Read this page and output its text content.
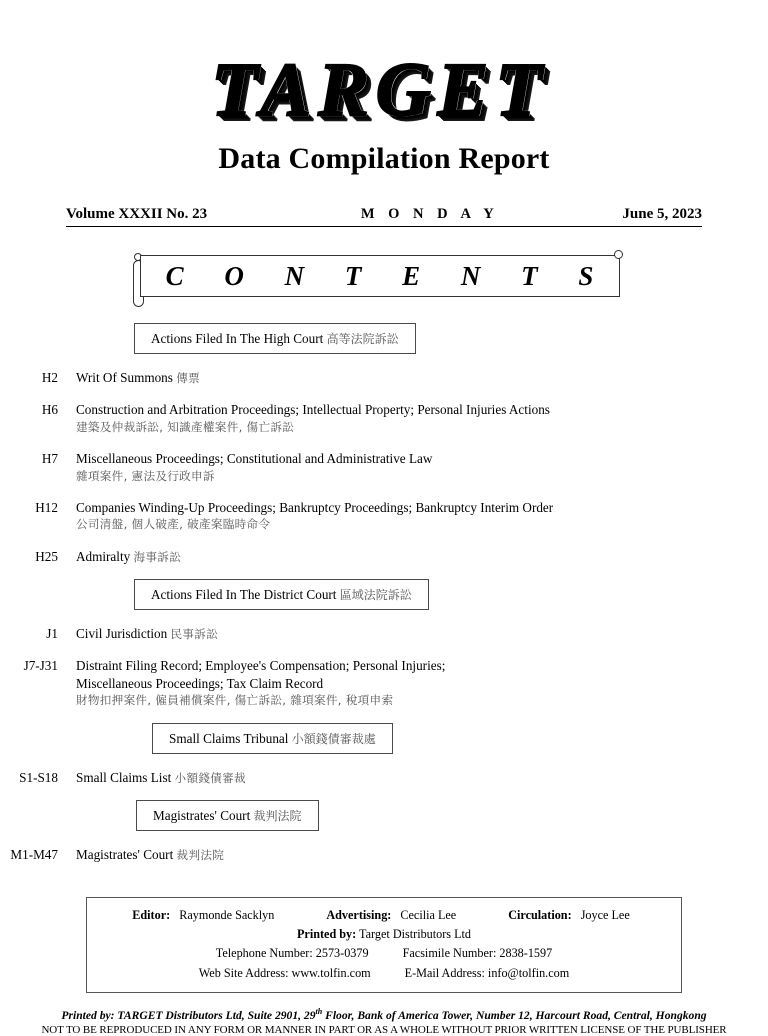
TARGET
Data Compilation Report
Volume XXXII No. 23	M O N D A Y	June 5, 2023
C O N T E N T S
Actions Filed In The High Court 高等法院訴訟
H2	Writ Of Summons 傳票
H6	Construction and Arbitration Proceedings; Intellectual Property; Personal Injuries Actions
建築及仲裁訴訟, 知識產權案件, 傷亡訴訟
H7	Miscellaneous Proceedings; Constitutional and Administrative Law
雜項案件, 憲法及行政申訴
H12	Companies Winding-Up Proceedings; Bankruptcy Proceedings; Bankruptcy Interim Order
公司清盤, 個人破產, 破產案臨時命令
H25	Admiralty 海事訴訟
Actions Filed In The District Court 區域法院訴訟
J1	Civil Jurisdiction 民事訴訟
J7-J31	Distraint Filing Record; Employee's Compensation; Personal Injuries;
Miscellaneous Proceedings; Tax Claim Record
財物扣押案件, 僱員補償案件, 傷亡訴訟, 雜項案件, 稅項申索
Small Claims Tribunal 小額錢債審裁處
S1-S18	Small Claims List 小額錢債審裁
Magistrates' Court 裁判法院
M1-M47	Magistrates' Court 裁判法院
Editor: Raymonde Sacklyn	Advertising: Cecilia Lee	Circulation: Joyce Lee
Printed by: Target Distributors Ltd
Telephone Number: 2573-0379	Facsimile Number: 2838-1597
Web Site Address: www.tolfin.com	E-Mail Address: info@tolfin.com
Printed by: TARGET Distributors Ltd, Suite 2901, 29th Floor, Bank of America Tower, Number 12, Harcourt Road, Central, Hongkong
NOT TO BE REPRODUCED IN ANY FORM OR MANNER IN PART OR AS A WHOLE WITHOUT PRIOR WRITTEN LICENSE OF THE PUBLISHER
